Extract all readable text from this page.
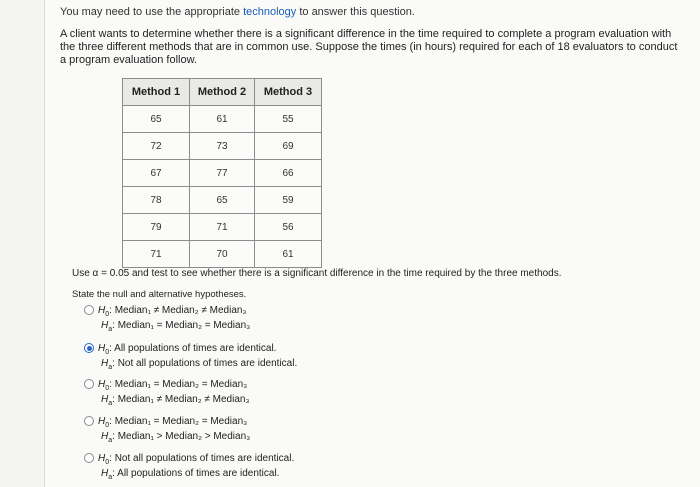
You may need to use the appropriate technology to answer this question.
A client wants to determine whether there is a significant difference in the time required to complete a program evaluation with the three different methods that are in common use. Suppose the times (in hours) required for each of 18 evaluators to conduct a program evaluation follow.
Method 1	Method 2	Method 3
65	61	55
72	73	69
67	77	66
78	65	59
79	71	56
71	70	61
Use α = 0.05 and test to see whether there is a significant difference in the time required by the three methods.
State the null and alternative hypotheses.
$H_0$: Median₁ ≠ Median₂ ≠ Median₃
$H_a$: Median₁ = Median₂ = Median₃
$H_0$: All populations of times are identical.
$H_a$: Not all populations of times are identical.
$H_0$: Median₁ = Median₂ = Median₃
$H_a$: Median₁ ≠ Median₂ ≠ Median₃
$H_0$: Median₁ = Median₂ = Median₃
$H_a$: Median₁ > Median₂ > Median₃
$H_0$: Not all populations of times are identical.
$H_a$: All populations of times are identical.
